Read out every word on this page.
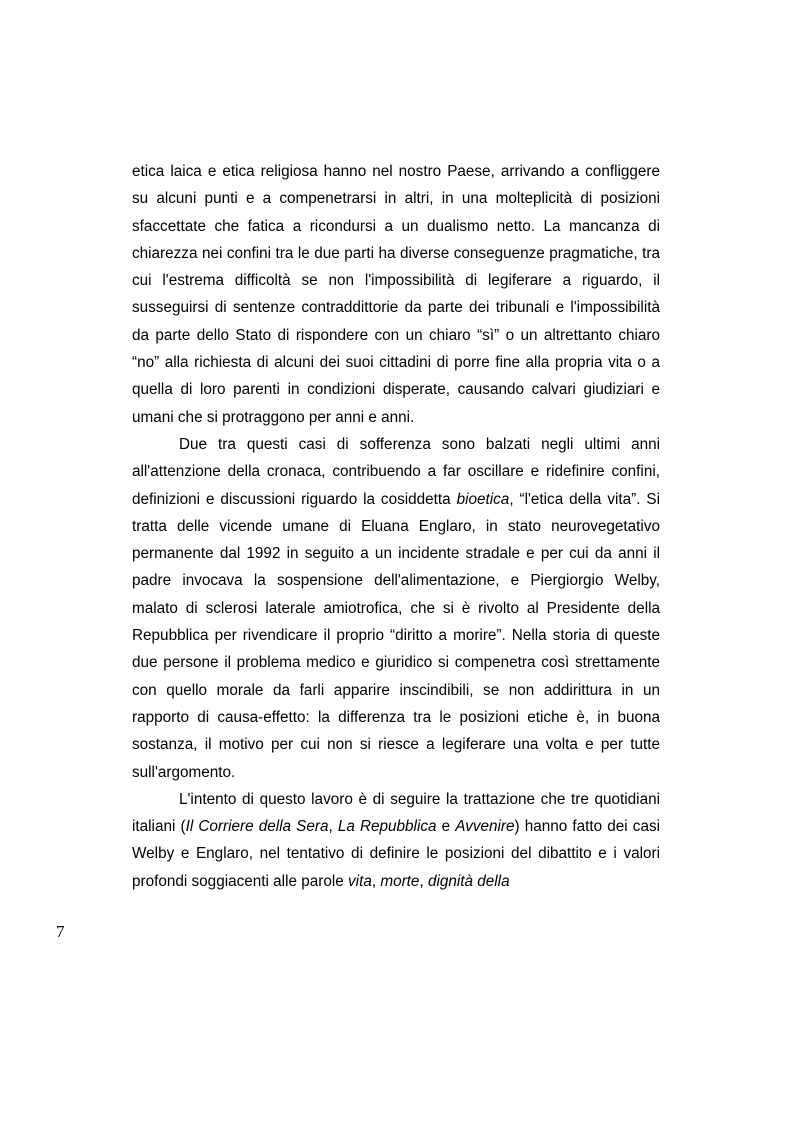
etica laica e etica religiosa hanno nel nostro Paese, arrivando a confliggere su alcuni punti e a compenetrarsi in altri, in una molteplicità di posizioni sfaccettate che fatica a ricondursi a un dualismo netto. La mancanza di chiarezza nei confini tra le due parti ha diverse conseguenze pragmatiche, tra cui l'estrema difficoltà se non l'impossibilità di legiferare a riguardo, il susseguirsi di sentenze contraddittorie da parte dei tribunali e l'impossibilità da parte dello Stato di rispondere con un chiaro “sì” o un altrettanto chiaro “no” alla richiesta di alcuni dei suoi cittadini di porre fine alla propria vita o a quella di loro parenti in condizioni disperate, causando calvari giudiziari e umani che si protraggono per anni e anni.

Due tra questi casi di sofferenza sono balzati negli ultimi anni all'attenzione della cronaca, contribuendo a far oscillare e ridefinire confini, definizioni e discussioni riguardo la cosiddetta bioetica, “l'etica della vita”. Si tratta delle vicende umane di Eluana Englaro, in stato neurovegetativo permanente dal 1992 in seguito a un incidente stradale e per cui da anni il padre invocava la sospensione dell'alimentazione, e Piergiorgio Welby, malato di sclerosi laterale amiotrofica, che si è rivolto al Presidente della Repubblica per rivendicare il proprio “diritto a morire”. Nella storia di queste due persone il problema medico e giuridico si compenetra così strettamente con quello morale da farli apparire inscindibili, se non addirittura in un rapporto di causa-effetto: la differenza tra le posizioni etiche è, in buona sostanza, il motivo per cui non si riesce a legiferare una volta e per tutte sull'argomento.

L'intento di questo lavoro è di seguire la trattazione che tre quotidiani italiani (Il Corriere della Sera, La Repubblica e Avvenire) hanno fatto dei casi Welby e Englaro, nel tentativo di definire le posizioni del dibattito e i valori profondi soggiacenti alle parole vita, morte, dignità della

7
